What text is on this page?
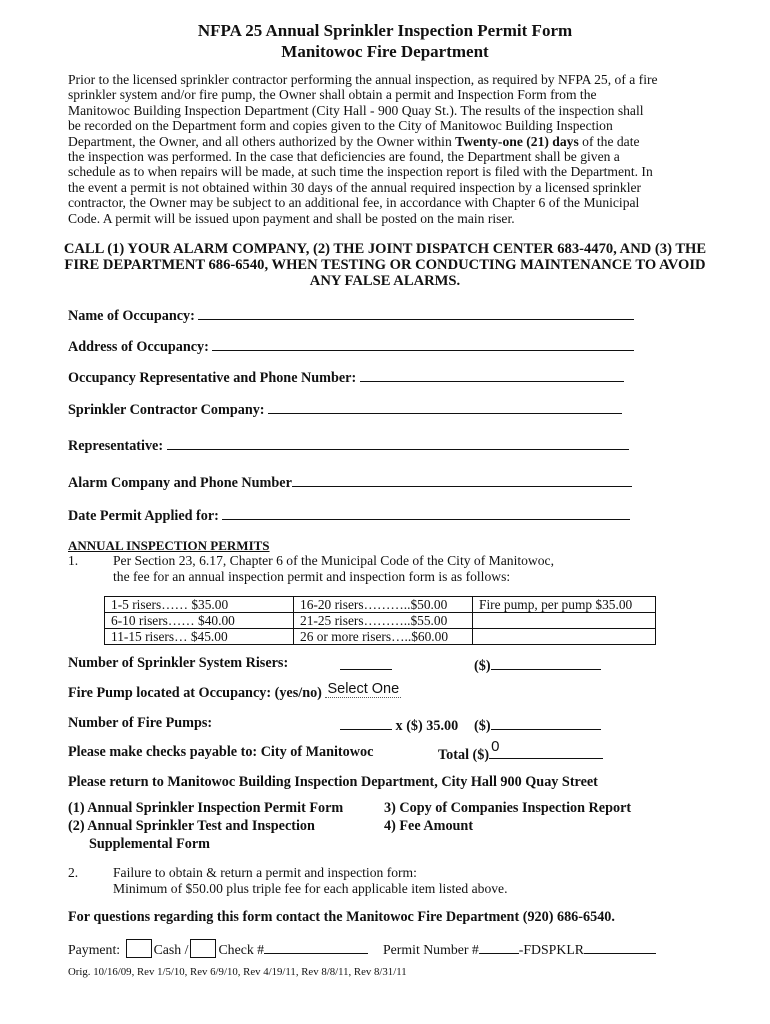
NFPA 25 Annual Sprinkler Inspection Permit Form
Manitowoc Fire Department
Prior to the licensed sprinkler contractor performing the annual inspection, as required by NFPA 25, of a fire sprinkler system and/or fire pump, the Owner shall obtain a permit and Inspection Form from the Manitowoc Building Inspection Department (City Hall - 900 Quay St.). The results of the inspection shall be recorded on the Department form and copies given to the City of Manitowoc Building Inspection Department, the Owner, and all others authorized by the Owner within Twenty-one (21) days of the date the inspection was performed. In the case that deficiencies are found, the Department shall be given a schedule as to when repairs will be made, at such time the inspection report is filed with the Department. In the event a permit is not obtained within 30 days of the annual required inspection by a licensed sprinkler contractor, the Owner may be subject to an additional fee, in accordance with Chapter 6 of the Municipal Code. A permit will be issued upon payment and shall be posted on the main riser.
CALL (1) YOUR ALARM COMPANY, (2) THE JOINT DISPATCH CENTER 683-4470, AND (3) THE FIRE DEPARTMENT 686-6540, WHEN TESTING OR CONDUCTING MAINTENANCE TO AVOID ANY FALSE ALARMS.
Name of Occupancy:
Address of Occupancy:
Occupancy Representative and Phone Number:
Sprinkler Contractor Company:
Representative:
Alarm Company and Phone Number
Date Permit Applied for:
ANNUAL INSPECTION PERMITS
1.	Per Section 23, 6.17, Chapter 6 of the Municipal Code of the City of Manitowoc,
the fee for an annual inspection permit and inspection form is as follows:
1-5 risers…… $35.00	16-20 risers………..$50.00	Fire pump, per pump $35.00
6-10 risers…… $40.00	21-25 risers………..$55.00	
11-15 risers… $45.00	26 or more risers…..$60.00	
Number of Sprinkler System Risers:	($)
Fire Pump located at Occupancy: (yes/no) Select One
Number of Fire Pumps:	x ($) 35.00 ($)
Please make checks payable to: City of Manitowoc	Total ($) 0
Please return to Manitowoc Building Inspection Department, City Hall 900 Quay Street
(1) Annual Sprinkler Inspection Permit Form
(2) Annual Sprinkler Test and Inspection
Supplemental Form
3) Copy of Companies Inspection Report
4) Fee Amount
2.	Failure to obtain & return a permit and inspection form:
Minimum of $50.00 plus triple fee for each applicable item listed above.
For questions regarding this form contact the Manitowoc Fire Department (920) 686-6540.
Payment: Cash / Check #	Permit Number #	-FDSPKLR
Orig. 10/16/09, Rev 1/5/10, Rev 6/9/10, Rev 4/19/11, Rev 8/8/11, Rev 8/31/11
